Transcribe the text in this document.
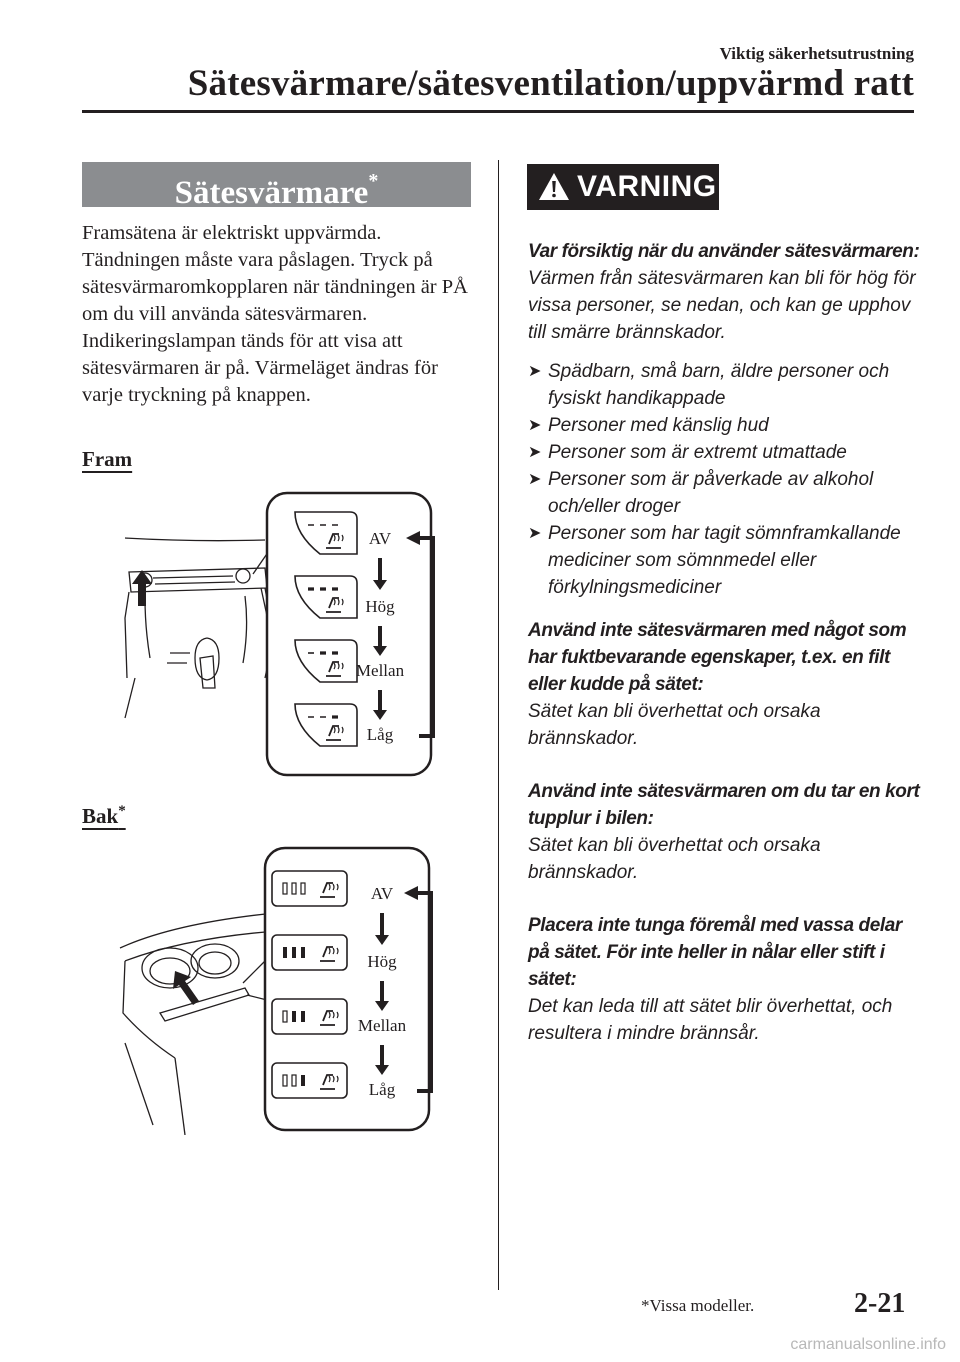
Viktig säkerhetsutrustning
Sätesvärmare/sätesventilation/uppvärmd ratt
Sätesvärmare*

Framsätena är elektriskt uppvärmda. Tändningen måste vara påslagen. Tryck på sätesvärmaromkopplaren när tändningen är PÅ om du vill använda sätesvärmaren. Indikeringslampan tänds för att visa att sätesvärmaren är på. Värmeläget ändras för varje tryckning på knappen.

Fram
AV
Hög
Mellan
Låg
Bak*
AV
Hög
Mellan
Låg
VARNING

Var försiktig när du använder sätesvärmaren:

Värmen från sätesvärmaren kan bli för hög för vissa personer, se nedan, och kan ge upphov till smärre brännskador.

➤ Spädbarn, små barn, äldre personer och fysiskt handikappade
➤ Personer med känslig hud
➤ Personer som är extremt utmattade
➤ Personer som är påverkade av alkohol och/eller droger
➤ Personer som har tagit sömnframkallande mediciner som sömnmedel eller förkylningsmediciner

Använd inte sätesvärmaren med något som har fuktbevarande egenskaper, t.ex. en filt eller kudde på sätet:

Sätet kan bli överhettat och orsaka brännskador.

Använd inte sätesvärmaren om du tar en kort tupplur i bilen:

Sätet kan bli överhettat och orsaka brännskador.

Placera inte tunga föremål med vassa delar på sätet. För inte heller in nålar eller stift i sätet:

Det kan leda till att sätet blir överhettat, och resultera i mindre brännsår.

*Vissa modeller.	2-21
carmanualsonline.info
